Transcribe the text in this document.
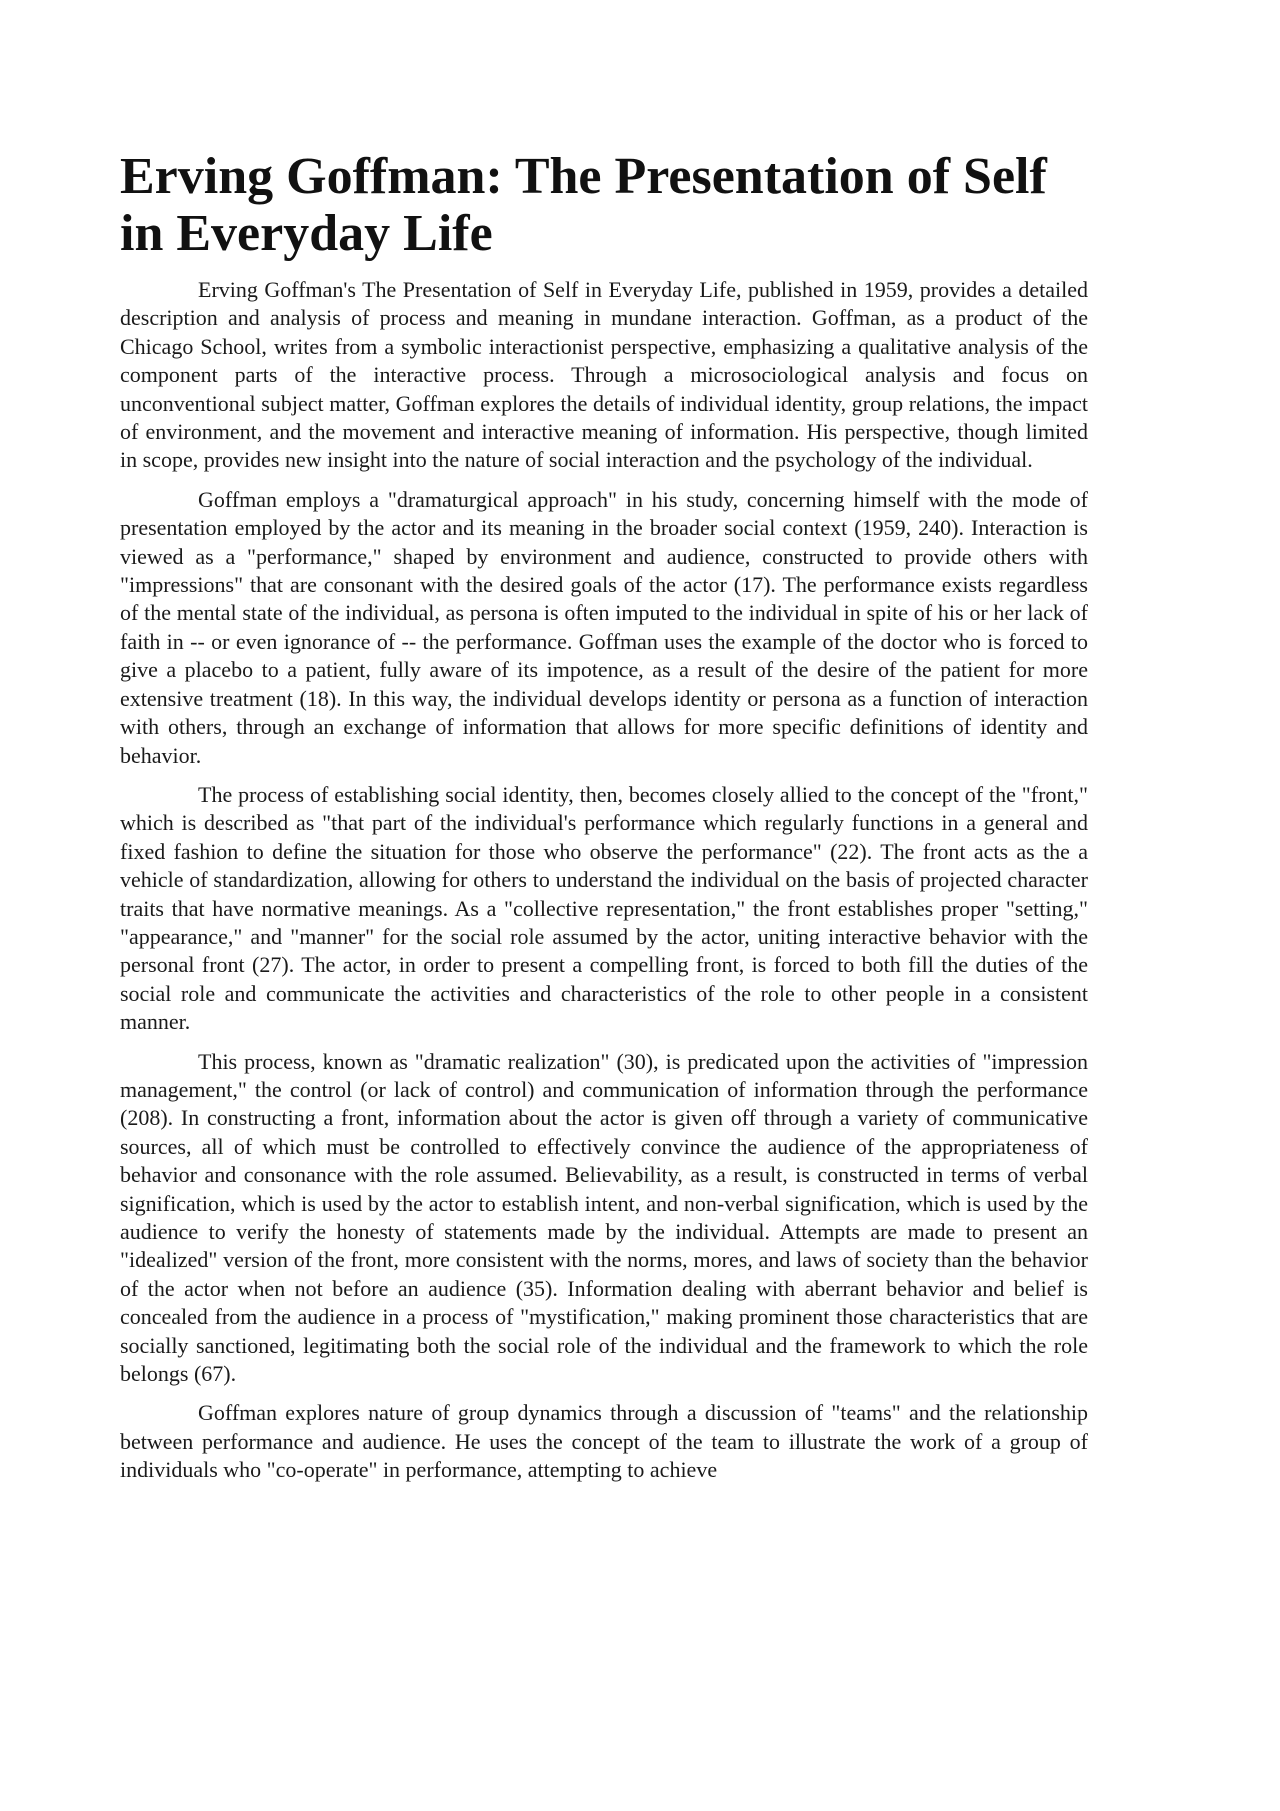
Erving Goffman: The Presentation of Self in Everyday Life

Erving Goffman's The Presentation of Self in Everyday Life, published in 1959, provides a detailed description and analysis of process and meaning in mundane interaction. Goffman, as a product of the Chicago School, writes from a symbolic interactionist perspective, emphasizing a qualitative analysis of the component parts of the interactive process. Through a microsociological analysis and focus on unconventional subject matter, Goffman explores the details of individual identity, group relations, the impact of environment, and the movement and interactive meaning of information. His perspective, though limited in scope, provides new insight into the nature of social interaction and the psychology of the individual.

Goffman employs a "dramaturgical approach" in his study, concerning himself with the mode of presentation employed by the actor and its meaning in the broader social context (1959, 240). Interaction is viewed as a "performance," shaped by environment and audience, constructed to provide others with "impressions" that are consonant with the desired goals of the actor (17). The performance exists regardless of the mental state of the individual, as persona is often imputed to the individual in spite of his or her lack of faith in -- or even ignorance of -- the performance. Goffman uses the example of the doctor who is forced to give a placebo to a patient, fully aware of its impotence, as a result of the desire of the patient for more extensive treatment (18). In this way, the individual develops identity or persona as a function of interaction with others, through an exchange of information that allows for more specific definitions of identity and behavior.

The process of establishing social identity, then, becomes closely allied to the concept of the "front," which is described as "that part of the individual's performance which regularly functions in a general and fixed fashion to define the situation for those who observe the performance" (22). The front acts as the a vehicle of standardization, allowing for others to understand the individual on the basis of projected character traits that have normative meanings. As a "collective representation," the front establishes proper "setting," "appearance," and "manner" for the social role assumed by the actor, uniting interactive behavior with the personal front (27). The actor, in order to present a compelling front, is forced to both fill the duties of the social role and communicate the activities and characteristics of the role to other people in a consistent manner.

This process, known as "dramatic realization" (30), is predicated upon the activities of "impression management," the control (or lack of control) and communication of information through the performance (208). In constructing a front, information about the actor is given off through a variety of communicative sources, all of which must be controlled to effectively convince the audience of the appropriateness of behavior and consonance with the role assumed. Believability, as a result, is constructed in terms of verbal signification, which is used by the actor to establish intent, and non-verbal signification, which is used by the audience to verify the honesty of statements made by the individual. Attempts are made to present an "idealized" version of the front, more consistent with the norms, mores, and laws of society than the behavior of the actor when not before an audience (35). Information dealing with aberrant behavior and belief is concealed from the audience in a process of "mystification," making prominent those characteristics that are socially sanctioned, legitimating both the social role of the individual and the framework to which the role belongs (67).

Goffman explores nature of group dynamics through a discussion of "teams" and the relationship between performance and audience. He uses the concept of the team to illustrate the work of a group of individuals who "co-operate" in performance, attempting to achieve
